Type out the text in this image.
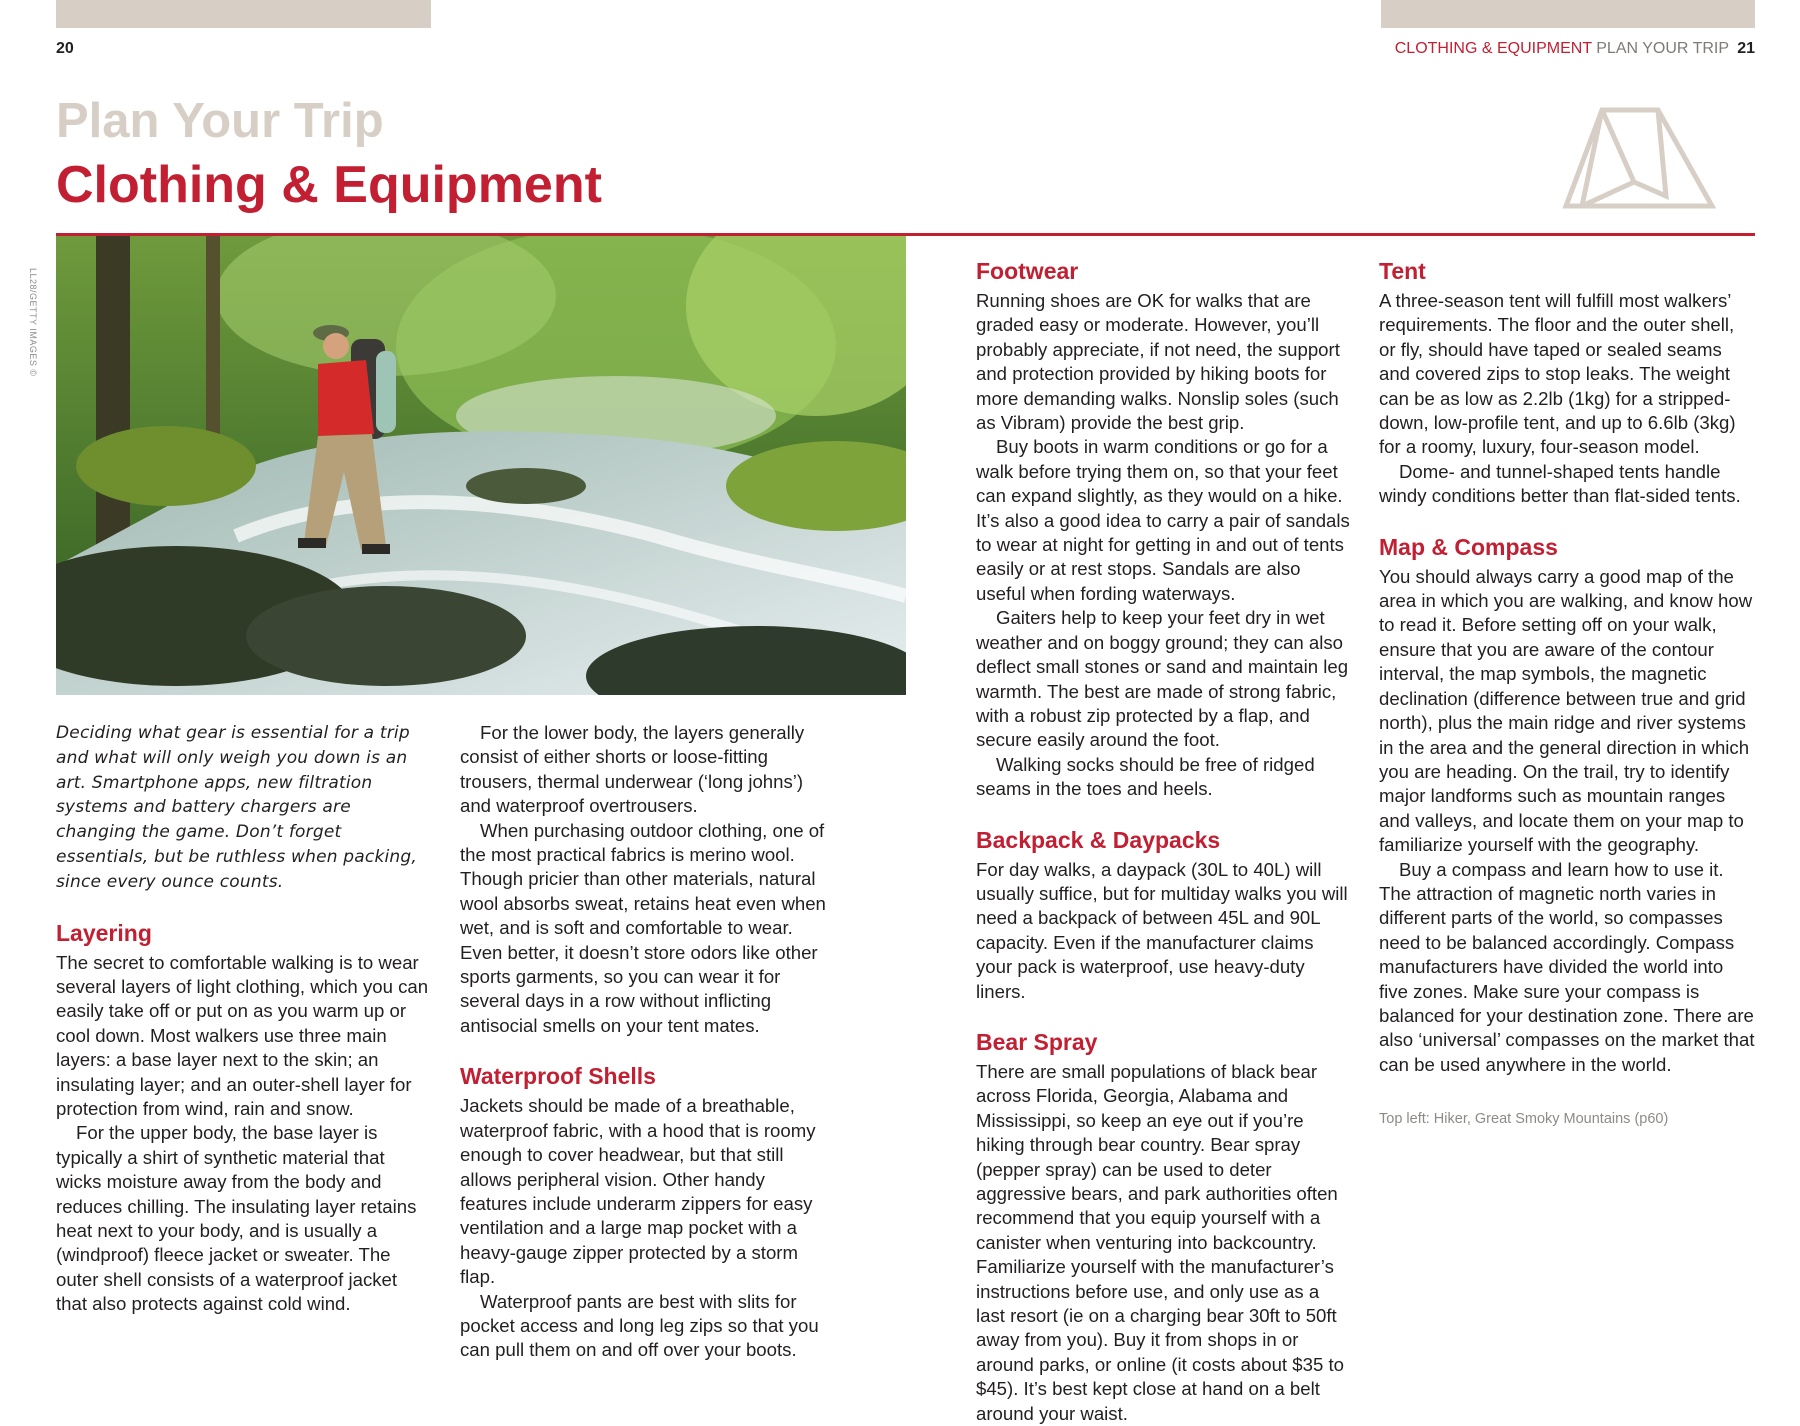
20	CLOTHING & EQUIPMENT PLAN YOUR TRIP 21
Plan Your Trip
Clothing & Equipment
LL28/GETTY IMAGES ©

Deciding what gear is essential for a trip and what will only weigh you down is an art. Smartphone apps, new filtration systems and battery chargers are changing the game. Don’t forget essentials, but be ruthless when packing, since every ounce counts.

Layering

The secret to comfortable walking is to wear several layers of light clothing, which you can easily take off or put on as you warm up or cool down. Most walkers use three main layers: a base layer next to the skin; an insulating layer; and an outer-shell layer for protection from wind, rain and snow.

For the upper body, the base layer is typically a shirt of synthetic material that wicks moisture away from the body and reduces chilling. The insulating layer retains heat next to your body, and is usually a (windproof) fleece jacket or sweater. The outer shell consists of a waterproof jacket that also protects against cold wind.

For the lower body, the layers generally consist of either shorts or loose-fitting trousers, thermal underwear (‘long johns’) and waterproof overtrousers.

When purchasing outdoor clothing, one of the most practical fabrics is merino wool. Though pricier than other materials, natural wool absorbs sweat, retains heat even when wet, and is soft and comfortable to wear. Even better, it doesn’t store odors like other sports garments, so you can wear it for several days in a row without inflicting antisocial smells on your tent mates.

Waterproof Shells

Jackets should be made of a breathable, waterproof fabric, with a hood that is roomy enough to cover headwear, but that still allows peripheral vision. Other handy features include underarm zippers for easy ventilation and a large map pocket with a heavy-gauge zipper protected by a storm flap.

Waterproof pants are best with slits for pocket access and long leg zips so that you can pull them on and off over your boots.

Footwear

Running shoes are OK for walks that are graded easy or moderate. However, you’ll probably appreciate, if not need, the support and protection provided by hiking boots for more demanding walks. Nonslip soles (such as Vibram) provide the best grip.

Buy boots in warm conditions or go for a walk before trying them on, so that your feet can expand slightly, as they would on a hike. It’s also a good idea to carry a pair of sandals to wear at night for getting in and out of tents easily or at rest stops. Sandals are also useful when fording waterways.

Gaiters help to keep your feet dry in wet weather and on boggy ground; they can also deflect small stones or sand and maintain leg warmth. The best are made of strong fabric, with a robust zip protected by a flap, and secure easily around the foot.

Walking socks should be free of ridged seams in the toes and heels.

Backpack & Daypacks

For day walks, a daypack (30L to 40L) will usually suffice, but for multiday walks you will need a backpack of between 45L and 90L capacity. Even if the manufacturer claims your pack is waterproof, use heavy-duty liners.

Bear Spray

There are small populations of black bear across Florida, Georgia, Alabama and Mississippi, so keep an eye out if you’re hiking through bear country. Bear spray (pepper spray) can be used to deter aggressive bears, and park authorities often recommend that you equip yourself with a canister when venturing into backcountry. Familiarize yourself with the manufacturer’s instructions before use, and only use as a last resort (ie on a charging bear 30ft to 50ft away from you). Buy it from shops in or around parks, or online (it costs about $35 to $45). It’s best kept close at hand on a belt around your waist.

Tent

A three-season tent will fulfill most walkers’ requirements. The floor and the outer shell, or fly, should have taped or sealed seams and covered zips to stop leaks. The weight can be as low as 2.2lb (1kg) for a stripped-down, low-profile tent, and up to 6.6lb (3kg) for a roomy, luxury, four-season model.

Dome- and tunnel-shaped tents handle windy conditions better than flat-sided tents.

Map & Compass

You should always carry a good map of the area in which you are walking, and know how to read it. Before setting off on your walk, ensure that you are aware of the contour interval, the map symbols, the magnetic declination (difference between true and grid north), plus the main ridge and river systems in the area and the general direction in which you are heading. On the trail, try to identify major landforms such as mountain ranges and valleys, and locate them on your map to familiarize yourself with the geography.

Buy a compass and learn how to use it. The attraction of magnetic north varies in different parts of the world, so compasses need to be balanced accordingly. Compass manufacturers have divided the world into five zones. Make sure your compass is balanced for your destination zone. There are also ‘universal’ compasses on the market that can be used anywhere in the world.

Top left: Hiker, Great Smoky Mountains (p60)
